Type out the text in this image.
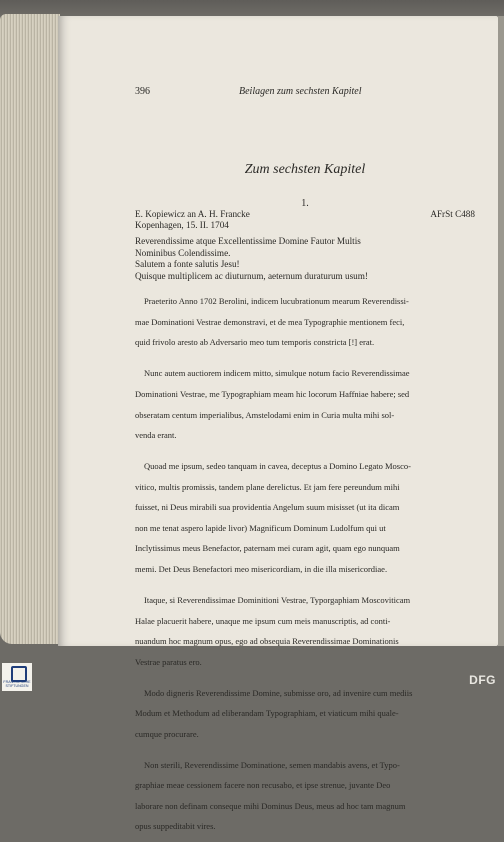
396	Beilagen zum sechsten Kapitel
Zum sechsten Kapitel
1.
E. Kopiewicz an A. H. Francke	AFrSt C488
Kopenhagen, 15. II. 1704
Reverendissime atque Excellentissime Domine Fautor Multis
Nominibus Colendissime.
Salutem a fonte salutis Jesu!
Quisque multiplicem ac diuturnum, aeternum duraturum usum!

Praeterito Anno 1702 Berolini, indicem lucubrationum mearum Reverendissi-

mae Dominationi Vestrae demonstravi, et de mea Typographie mentionem feci,

quid frivolo aresto ab Adversario meo tum temporis constricta [!] erat.

Nunc autem auctiorem indicem mitto, simulque notum facio Reverendissimae

Dominationi Vestrae, me Typographiam meam hic locorum Haffniae habere; sed

obseratam centum imperialibus, Amstelodami enim in Curia multa mihi sol-

venda erant.

Quoad me ipsum, sedeo tanquam in cavea, deceptus a Domino Legato Mosco-

vitico, multis promissis, tandem plane derelictus. Et jam fere pereundum mihi

fuisset, ni Deus mirabili sua providentia Angelum suum misisset (ut ita dicam

non me tenat aspero lapide livor) Magnificum Dominum Ludolfum qui ut

Inclytissimus meus Benefactor, paternam mei curam agit, quam ego nunquam

memi. Det Deus Benefactori meo misericordiam, in die illa misericordiae.

Itaque, si Reverendissimae Dominitioni Vestrae, Typorgaphiam Moscoviticam

Halae placuerit habere, unaque me ipsum cum meis manuscriptis, ad conti-

nuandum hoc magnum opus, ego ad obsequia Reverendissimae Dominationis

Vestrae paratus ero.

Modo digneris Reverendissime Domine, submisse oro, ad invenire cum mediis

Modum et Methodum ad eliberandam Typographiam, et viaticum mihi quale-

cumque procurare.

Non sterili, Reverendissime Dominatione, semen mandabis avens, et Typo-

graphiae meae cessionem facere non recusabo, et ipse strenue, juvante Deo

laborare non definam conseque mihi Dominus Deus, meus ad hoc tam magnum

opus suppeditabit vires.

FRANCKESCHE STIFTUNGEN	DFG
